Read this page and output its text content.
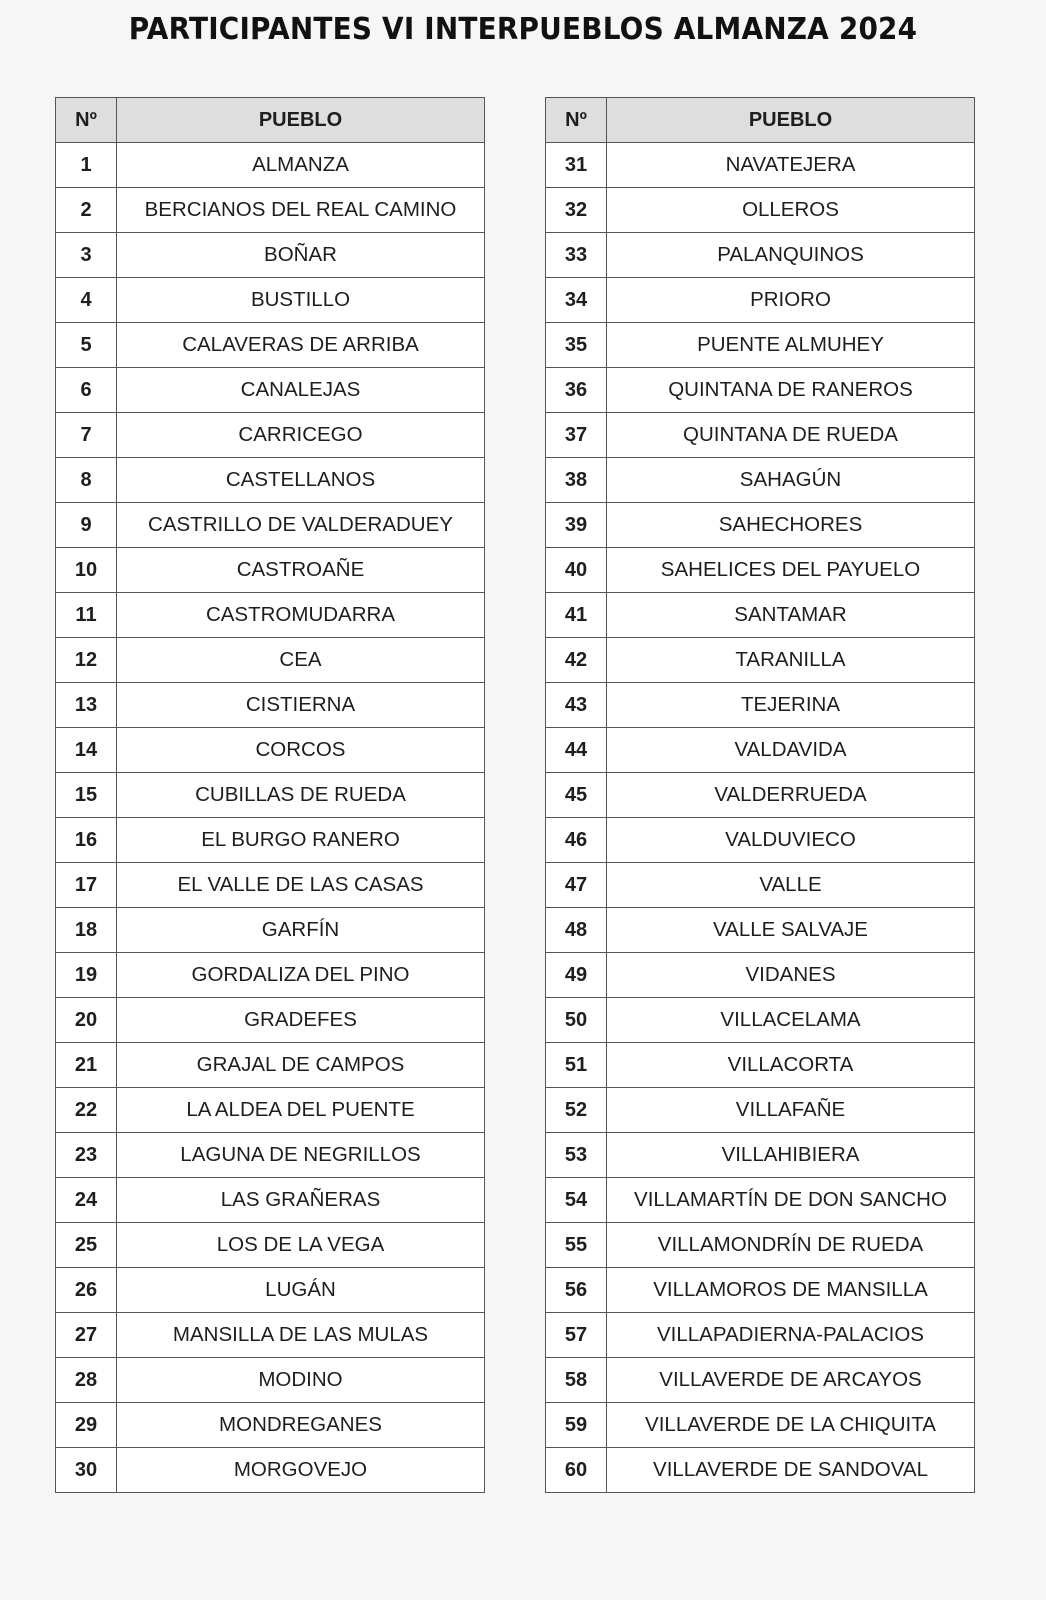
PARTICIPANTES VI INTERPUEBLOS ALMANZA 2024
Nº	PUEBLO
1	ALMANZA
2	BERCIANOS DEL REAL CAMINO
3	BOÑAR
4	BUSTILLO
5	CALAVERAS DE ARRIBA
6	CANALEJAS
7	CARRICEGO
8	CASTELLANOS
9	CASTRILLO DE VALDERADUEY
10	CASTROAÑE
11	CASTROMUDARRA
12	CEA
13	CISTIERNA
14	CORCOS
15	CUBILLAS DE RUEDA
16	EL BURGO RANERO
17	EL VALLE DE LAS CASAS
18	GARFÍN
19	GORDALIZA DEL PINO
20	GRADEFES
21	GRAJAL DE CAMPOS
22	LA ALDEA DEL PUENTE
23	LAGUNA DE NEGRILLOS
24	LAS GRAÑERAS
25	LOS DE LA VEGA
26	LUGÁN
27	MANSILLA DE LAS MULAS
28	MODINO
29	MONDREGANES
30	MORGOVEJO
Nº	PUEBLO
31	NAVATEJERA
32	OLLEROS
33	PALANQUINOS
34	PRIORO
35	PUENTE ALMUHEY
36	QUINTANA DE RANEROS
37	QUINTANA DE RUEDA
38	SAHAGÚN
39	SAHECHORES
40	SAHELICES DEL PAYUELO
41	SANTAMAR
42	TARANILLA
43	TEJERINA
44	VALDAVIDA
45	VALDERRUEDA
46	VALDUVIECO
47	VALLE
48	VALLE SALVAJE
49	VIDANES
50	VILLACELAMA
51	VILLACORTA
52	VILLAFAÑE
53	VILLAHIBIERA
54	VILLAMARTÍN DE DON SANCHO
55	VILLAMONDRÍN DE RUEDA
56	VILLAMOROS DE MANSILLA
57	VILLAPADIERNA-PALACIOS
58	VILLAVERDE DE ARCAYOS
59	VILLAVERDE DE LA CHIQUITA
60	VILLAVERDE DE SANDOVAL
